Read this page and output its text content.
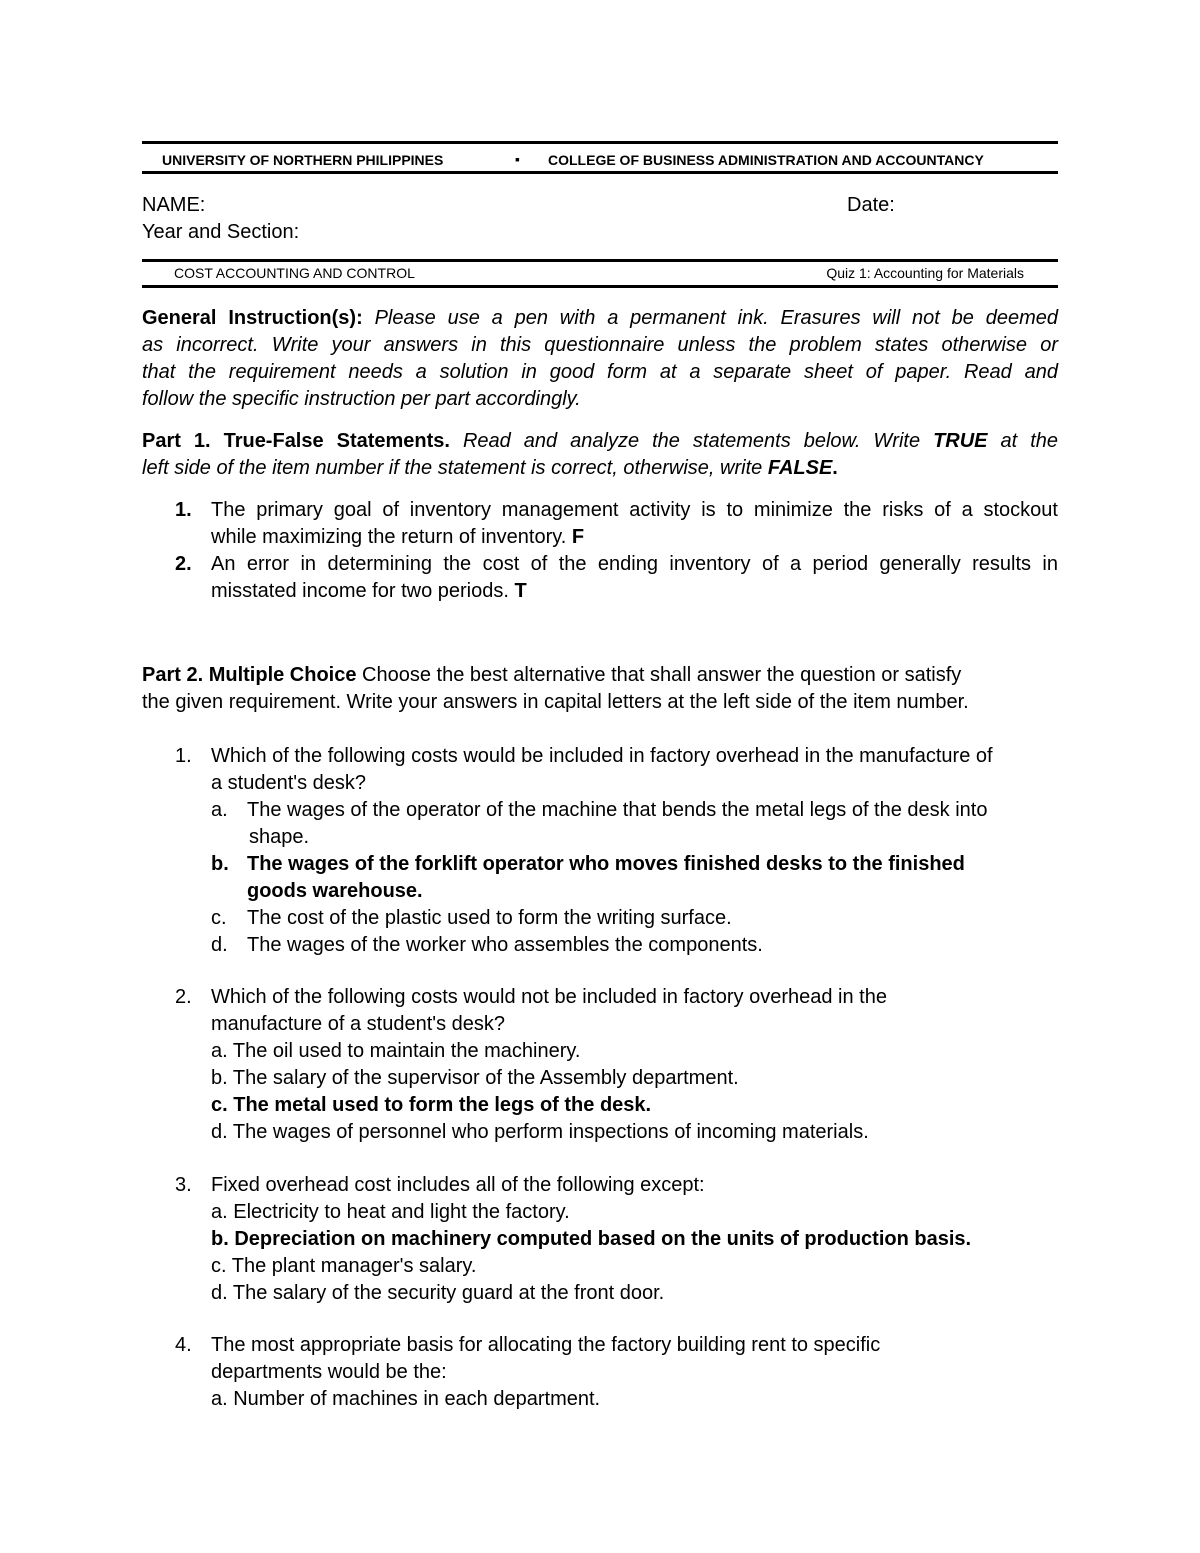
UNIVERSITY OF NORTHERN PHILIPPINES	▪ COLLEGE OF BUSINESS ADMINISTRATION AND ACCOUNTANCY
NAME:	Date:
Year and Section:
COST ACCOUNTING AND CONTROL	Quiz 1: Accounting for Materials
General Instruction(s): Please use a pen with a permanent ink. Erasures will not be deemed
as incorrect. Write your answers in this questionnaire unless the problem states otherwise or
that the requirement needs a solution in good form at a separate sheet of paper. Read and
follow the specific instruction per part accordingly.
Part 1. True-False Statements. Read and analyze the statements below. Write TRUE at the
left side of the item number if the statement is correct, otherwise, write FALSE.
1. The primary goal of inventory management activity is to minimize the risks of a stockout
while maximizing the return of inventory. F
2. An error in determining the cost of the ending inventory of a period generally results in
misstated income for two periods. T
Part 2. Multiple Choice Choose the best alternative that shall answer the question or satisfy
the given requirement. Write your answers in capital letters at the left side of the item number.
1. Which of the following costs would be included in factory overhead in the manufacture of
a student's desk?
a. The wages of the operator of the machine that bends the metal legs of the desk into

shape.
b. The wages of the forklift operator who moves finished desks to the finished

goods warehouse.
c. The cost of the plastic used to form the writing surface.

d. The wages of the worker who assembles the components.

2. Which of the following costs would not be included in factory overhead in the
manufacture of a student's desk?
a. The oil used to maintain the machinery.
b. The salary of the supervisor of the Assembly department.
c. The metal used to form the legs of the desk.
d. The wages of personnel who perform inspections of incoming materials.
3. Fixed overhead cost includes all of the following except:
a. Electricity to heat and light the factory.
b. Depreciation on machinery computed based on the units of production basis.
c. The plant manager's salary.
d. The salary of the security guard at the front door.
4. The most appropriate basis for allocating the factory building rent to specific
departments would be the:
a. Number of machines in each department.
